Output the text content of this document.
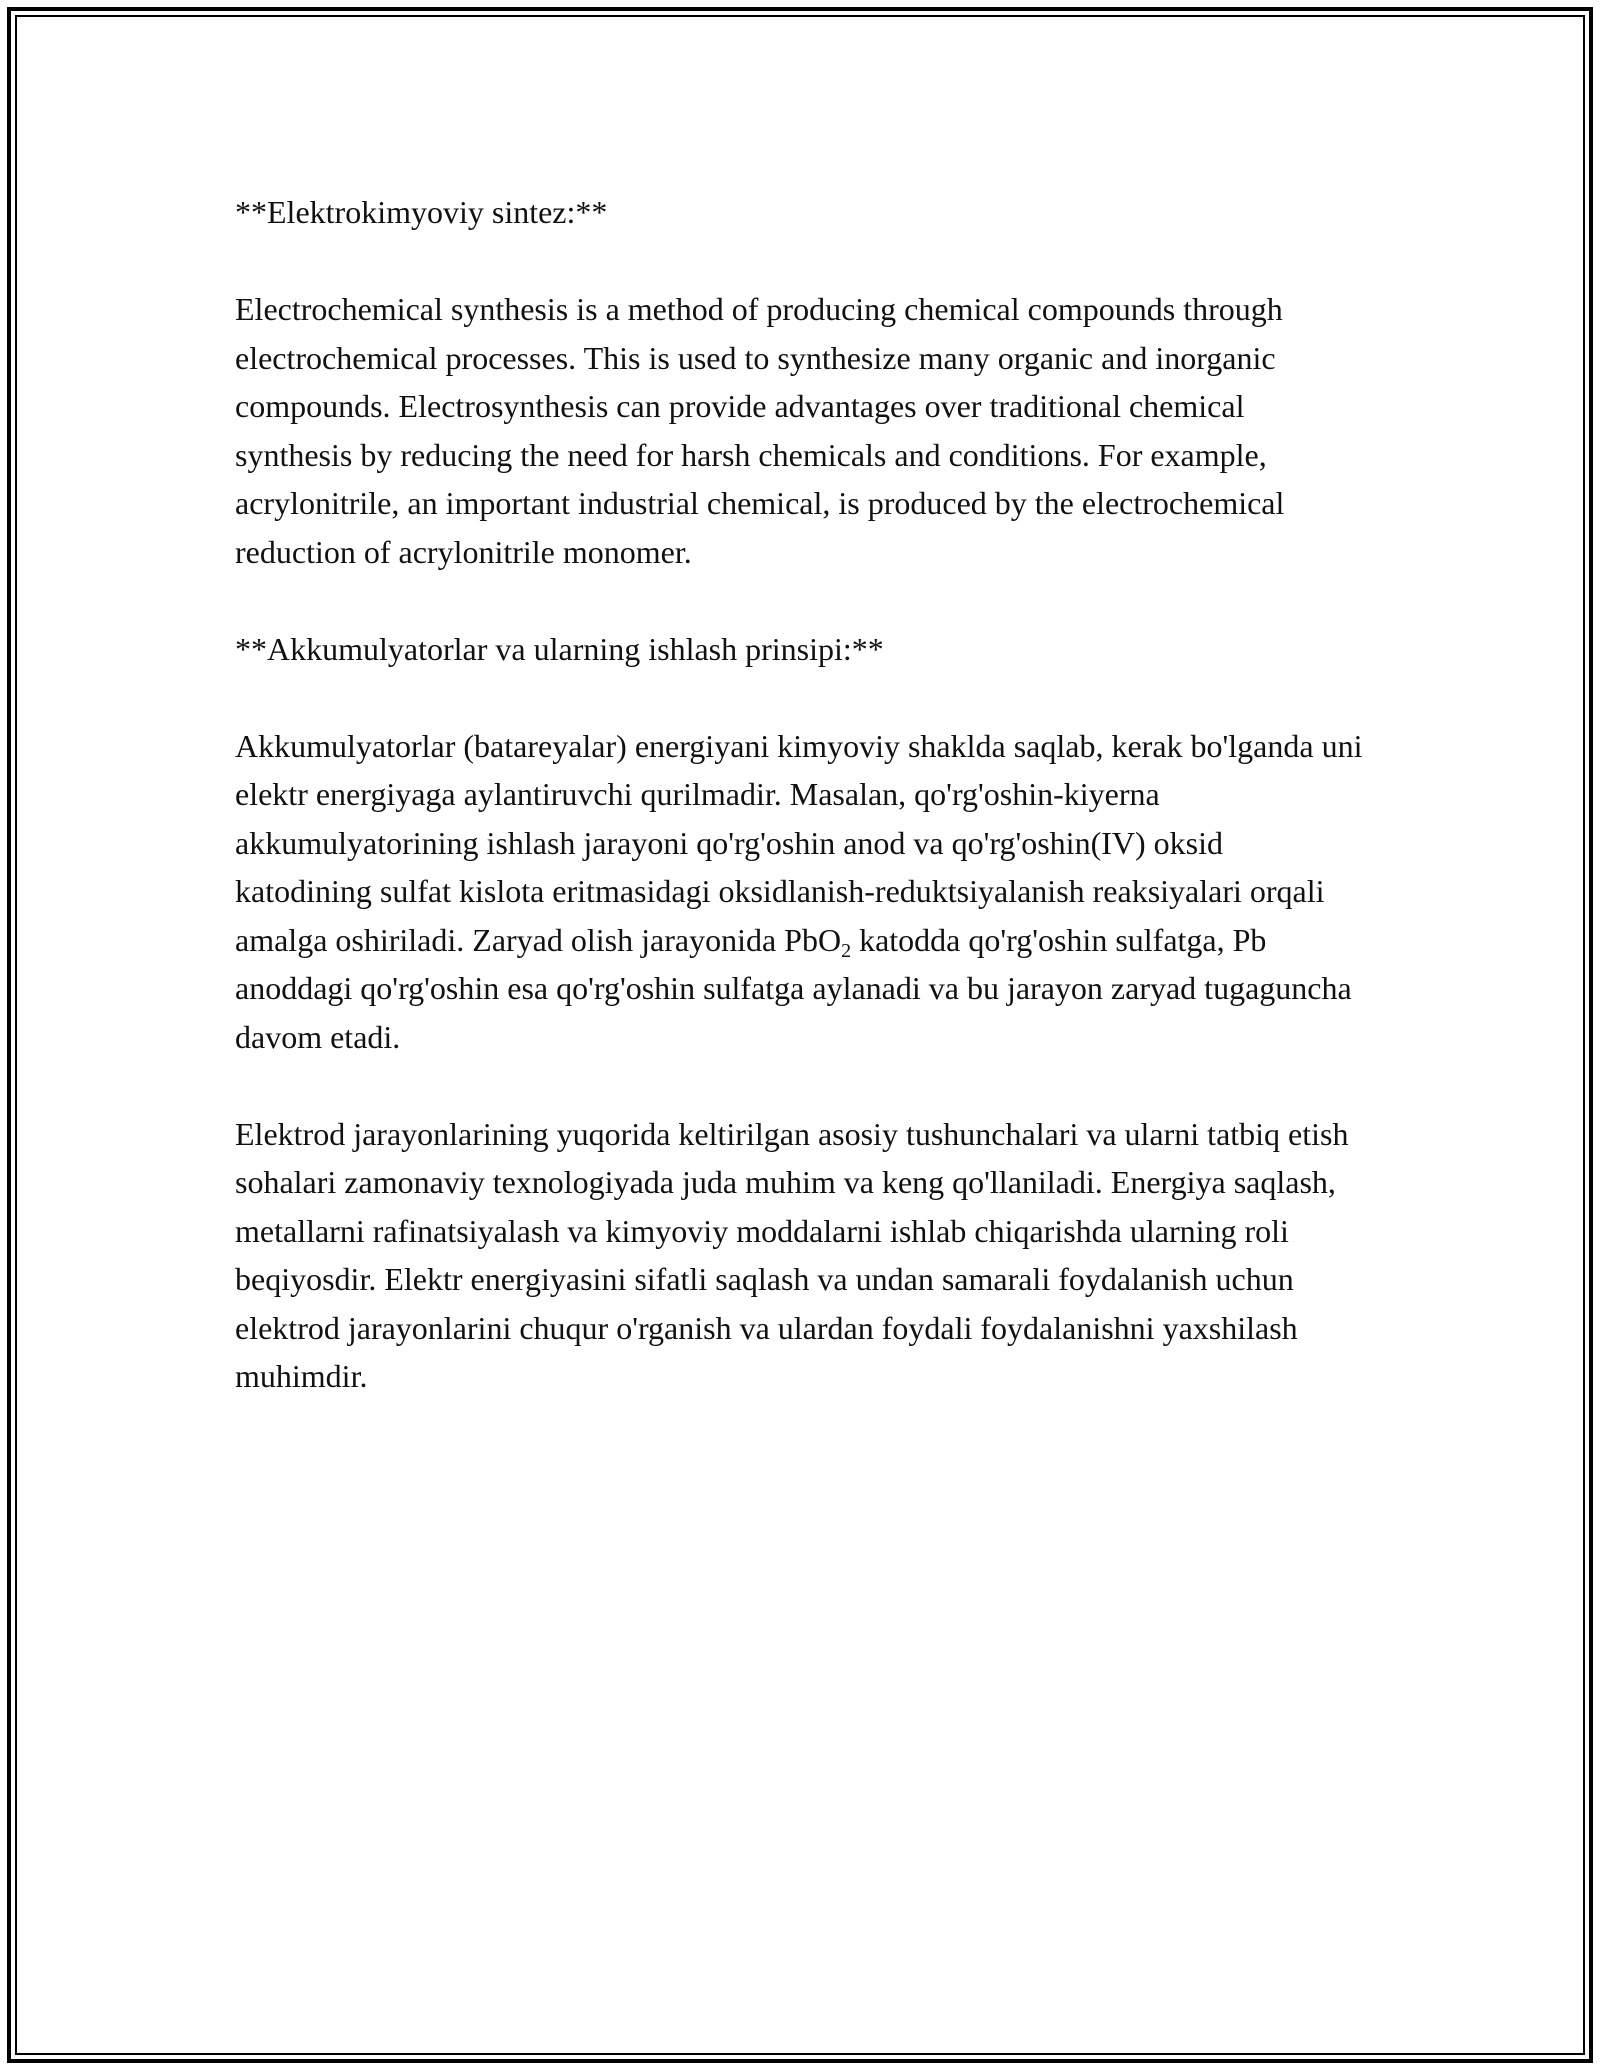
**Elektrokimyoviy sintez:**

Electrochemical synthesis is a method of producing chemical compounds through electrochemical processes. This is used to synthesize many organic and inorganic compounds. Electrosynthesis can provide advantages over traditional chemical synthesis by reducing the need for harsh chemicals and conditions. For example, acrylonitrile, an important industrial chemical, is produced by the electrochemical reduction of acrylonitrile monomer.

**Akkumulyatorlar va ularning ishlash prinsipi:**

Akkumulyatorlar (batareyalar) energiyani kimyoviy shaklda saqlab, kerak bo'lganda uni elektr energiyaga aylantiruvchi qurilmadir. Masalan, qo'rg'oshin-kiyerna akkumulyatorining ishlash jarayoni qo'rg'oshin anod va qo'rg'oshin(IV) oksid katodining sulfat kislota eritmasidagi oksidlanish-reduktsiyalanish reaksiyalari orqali amalga oshiriladi. Zaryad olish jarayonida PbO$_2$ katodda qo'rg'oshin sulfatga, Pb anoddagi qo'rg'oshin esa qo'rg'oshin sulfatga aylanadi va bu jarayon zaryad tugaguncha davom etadi.

Elektrod jarayonlarining yuqorida keltirilgan asosiy tushunchalari va ularni tatbiq etish sohalari zamonaviy texnologiyada juda muhim va keng qo'llaniladi. Energiya saqlash, metallarni rafinatsiyalash va kimyoviy moddalarni ishlab chiqarishda ularning roli beqiyosdir. Elektr energiyasini sifatli saqlash va undan samarali foydalanish uchun elektrod jarayonlarini chuqur o'rganish va ulardan foydali foydalanishni yaxshilash muhimdir.
